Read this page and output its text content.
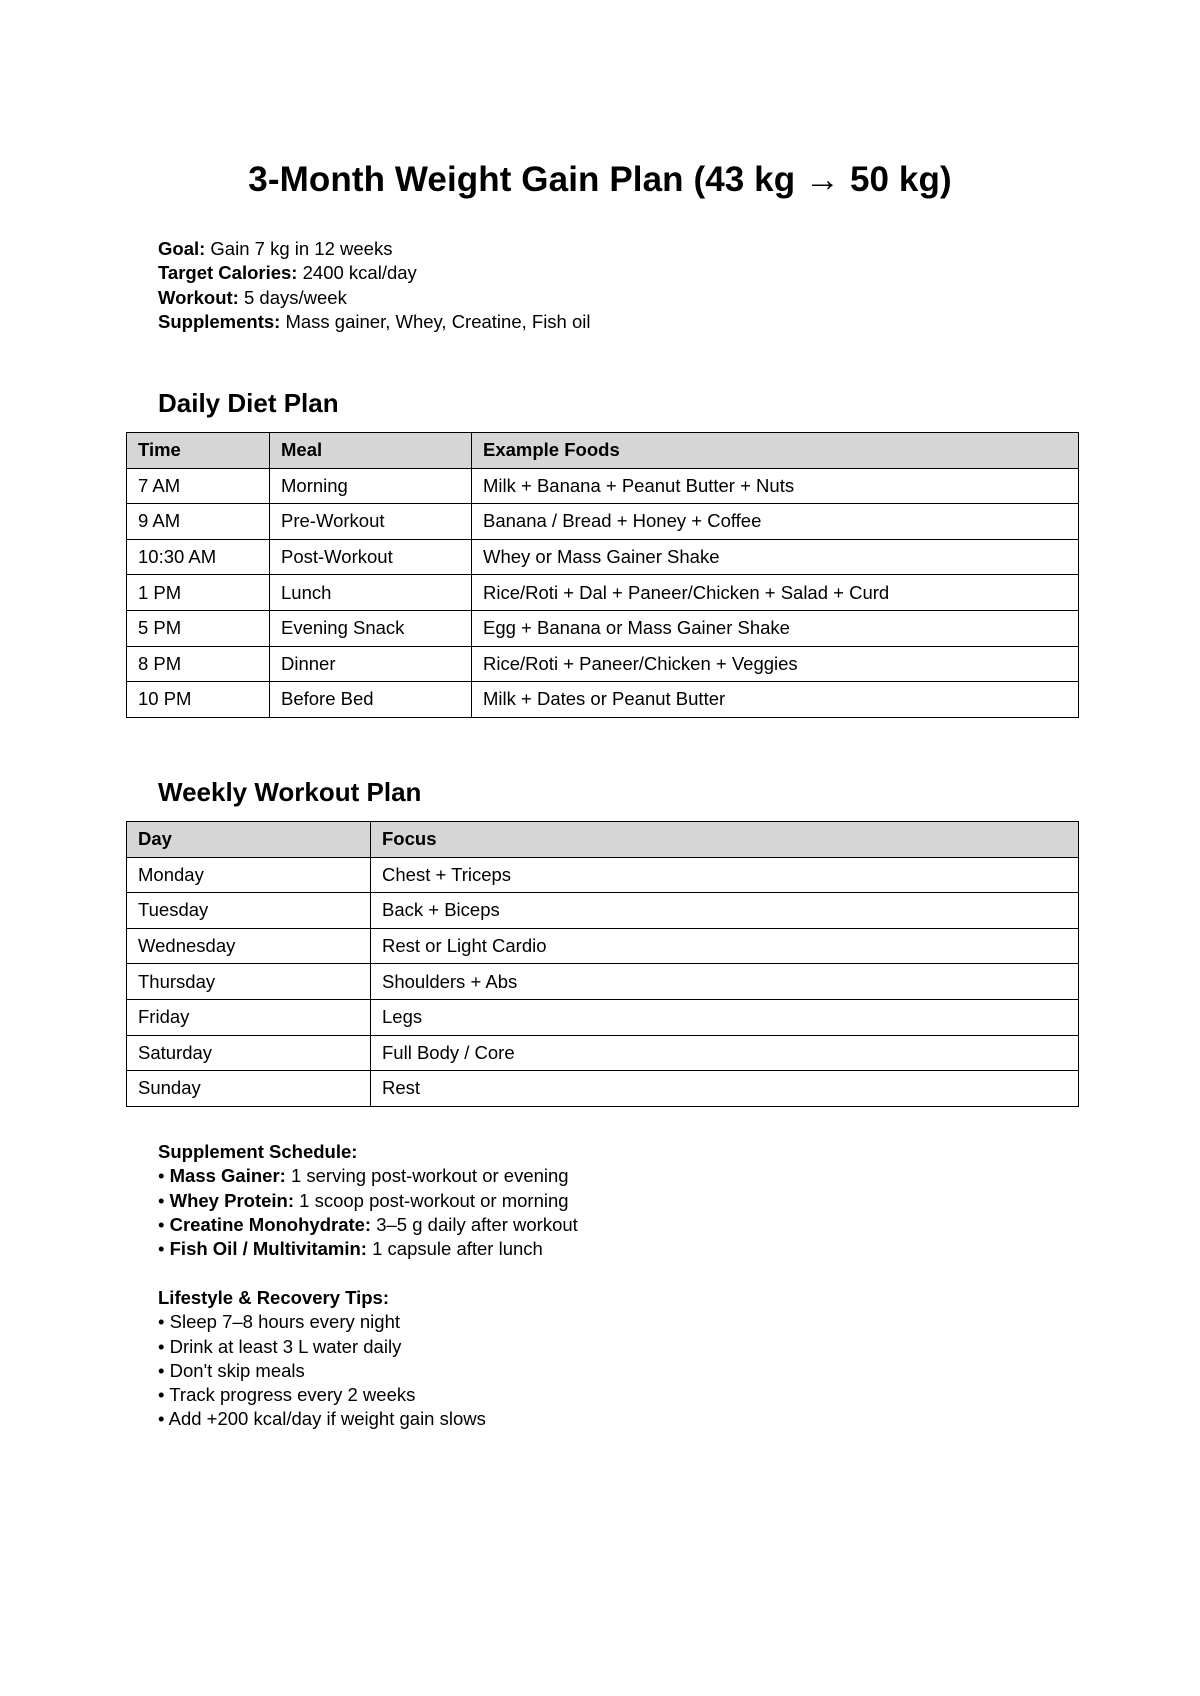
3-Month Weight Gain Plan (43 kg → 50 kg)
Goal: Gain 7 kg in 12 weeks
Target Calories: 2400 kcal/day
Workout: 5 days/week
Supplements: Mass gainer, Whey, Creatine, Fish oil
Daily Diet Plan
Time	Meal	Example Foods
7 AM	Morning	Milk + Banana + Peanut Butter + Nuts
9 AM	Pre-Workout	Banana / Bread + Honey + Coffee
10:30 AM	Post-Workout	Whey or Mass Gainer Shake
1 PM	Lunch	Rice/Roti + Dal + Paneer/Chicken + Salad + Curd
5 PM	Evening Snack	Egg + Banana or Mass Gainer Shake
8 PM	Dinner	Rice/Roti + Paneer/Chicken + Veggies
10 PM	Before Bed	Milk + Dates or Peanut Butter
Weekly Workout Plan
Day	Focus
Monday	Chest + Triceps
Tuesday	Back + Biceps
Wednesday	Rest or Light Cardio
Thursday	Shoulders + Abs
Friday	Legs
Saturday	Full Body / Core
Sunday	Rest
Supplement Schedule:
• Mass Gainer: 1 serving post-workout or evening
• Whey Protein: 1 scoop post-workout or morning
• Creatine Monohydrate: 3–5 g daily after workout
• Fish Oil / Multivitamin: 1 capsule after lunch
Lifestyle & Recovery Tips:
• Sleep 7–8 hours every night
• Drink at least 3 L water daily
• Don't skip meals
• Track progress every 2 weeks
• Add +200 kcal/day if weight gain slows
